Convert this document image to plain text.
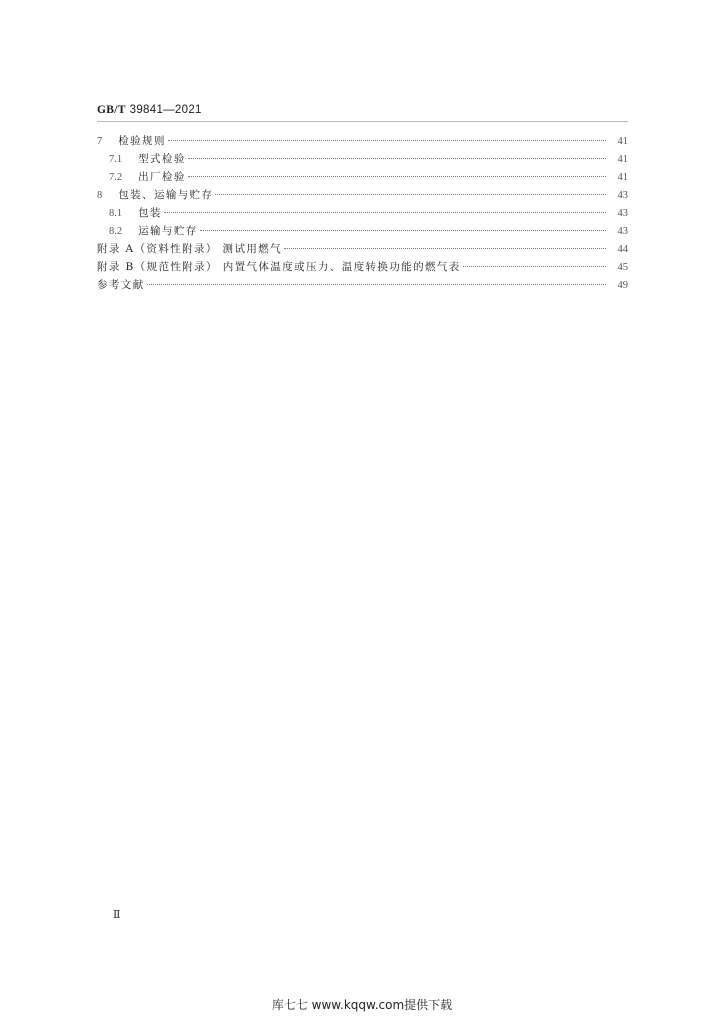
GB/T 39841—2021
7 检验规则	41
7.1 型式检验	41
7.2 出厂检验	41
8 包装、运输与贮存	43
8.1 包装	43
8.2 运输与贮存	43
附录 A（资料性附录） 测试用燃气	44
附录 B（规范性附录） 内置气体温度或压力、温度转换功能的燃气表	45
参考文献	49
Ⅱ
库七七 www.kqqw.com提供下载
